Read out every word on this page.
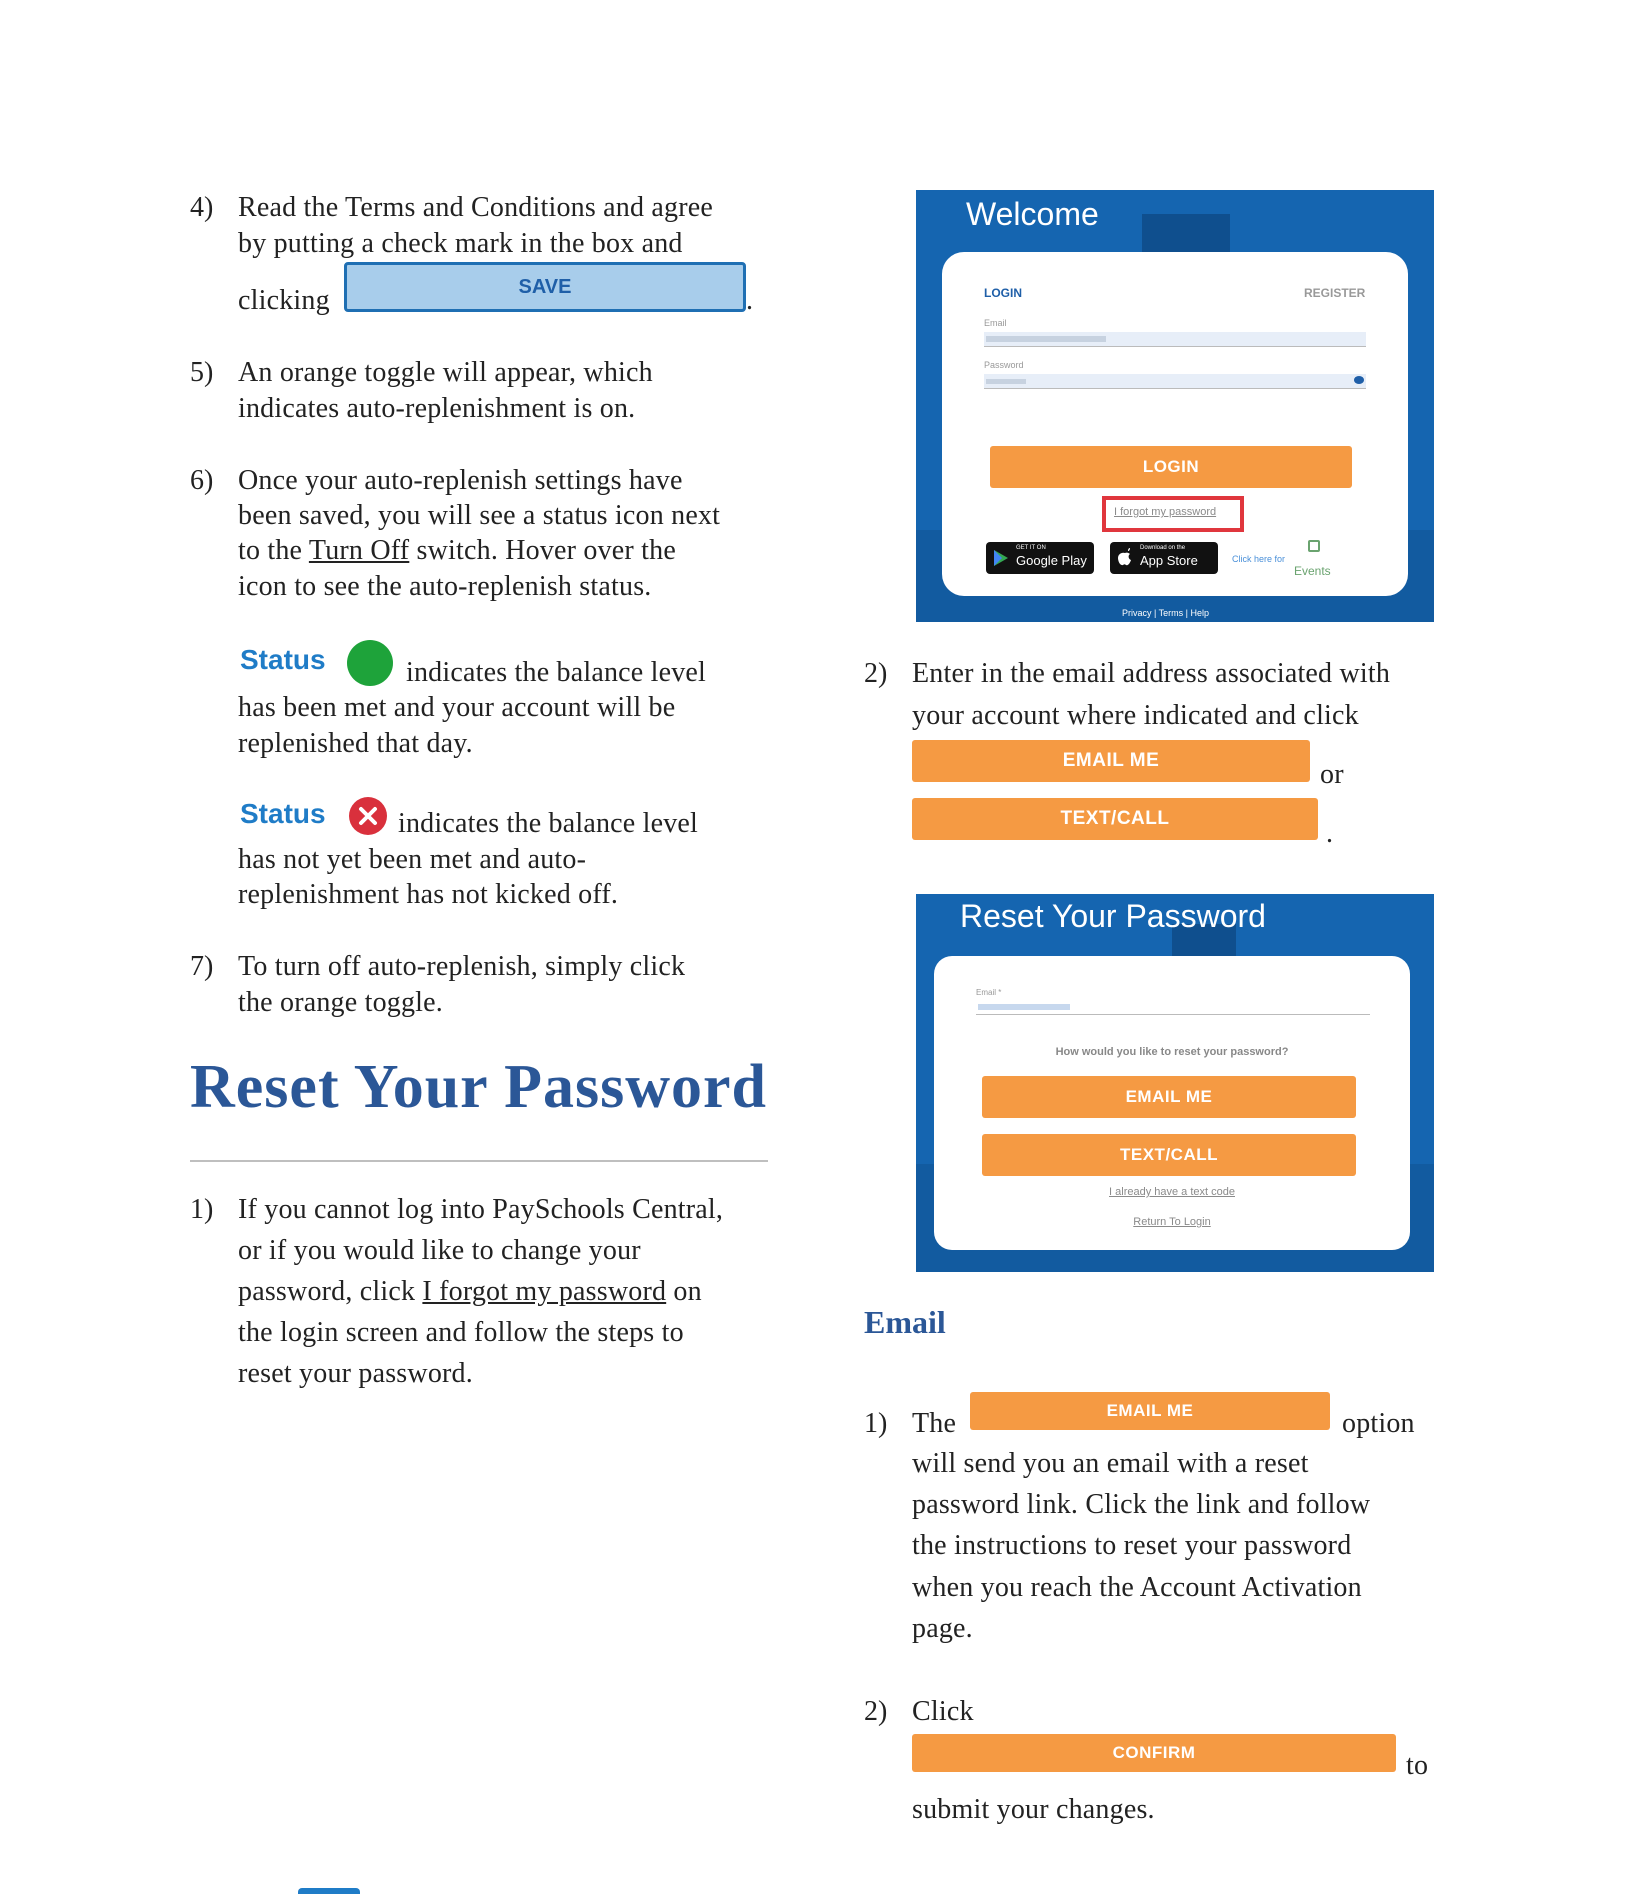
4) Read the Terms and Conditions and agree
by putting a check mark in the box and
clicking	SAVE	.
5) An orange toggle will appear, which
indicates auto-replenishment is on.
6) Once your auto-replenish settings have
been saved, you will see a status icon next
to the Turn Off switch. Hover over the
icon to see the auto-replenish status.
Status	indicates the balance level
has been met and your account will be
replenished that day.
Status	indicates the balance level
has not yet been met and auto-
replenishment has not kicked off.
7) To turn off auto-replenish, simply click
the orange toggle.
Reset Your Password
1) If you cannot log into PaySchools Central,
or if you would like to change your
password, click I forgot my password on
the login screen and follow the steps to
reset your password.
Welcome
LOGIN	REGISTER
Email
Password
LOGIN
I forgot my password
GET IT ON
Google Play
Download on the
App Store	Click here for
Events
Privacy | Terms | Help
2) Enter in the email address associated with
your account where indicated and click
EMAIL ME	or
TEXT/CALL	.
Reset Your Password
Email *
How would you like to reset your password?
EMAIL ME
TEXT/CALL
I already have a text code
Return To Login
Email
1) The	EMAIL ME	option
will send you an email with a reset
password link. Click the link and follow
the instructions to reset your password
when you reach the Account Activation
page.
2) Click
CONFIRM	to
submit your changes.
